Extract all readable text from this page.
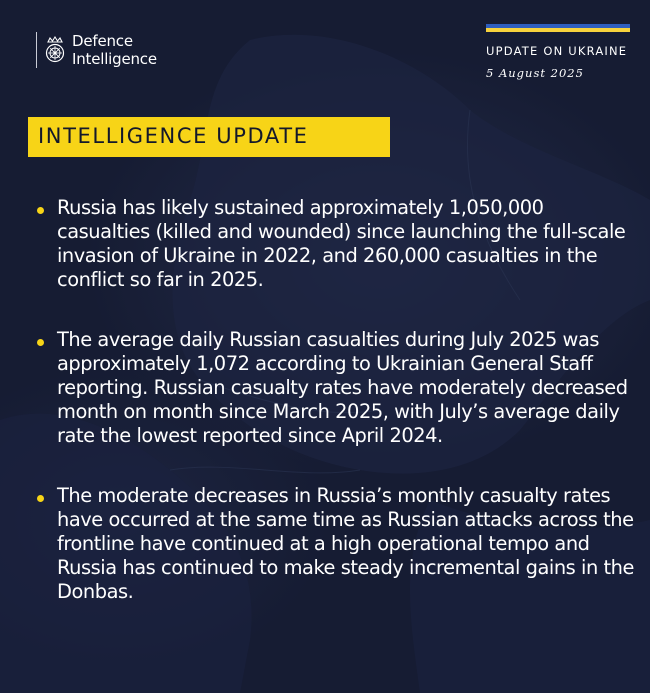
Defence
Intelligence	UPDATE ON UKRAINE
5 August 2025
INTELLIGENCE UPDATE

Russia has likely sustained approximately 1,050,000 casualties (killed and wounded) since launching the full-scale invasion of Ukraine in 2022, and 260,000 casualties in the conflict so far in 2025.

The average daily Russian casualties during July 2025 was approximately 1,072 according to Ukrainian General Staff reporting. Russian casualty rates have moderately decreased month on month since March 2025, with July’s average daily rate the lowest reported since April 2024.

The moderate decreases in Russia’s monthly casualty rates have occurred at the same time as Russian attacks across the frontline have continued at a high operational tempo and Russia has continued to make steady incremental gains in the Donbas.
